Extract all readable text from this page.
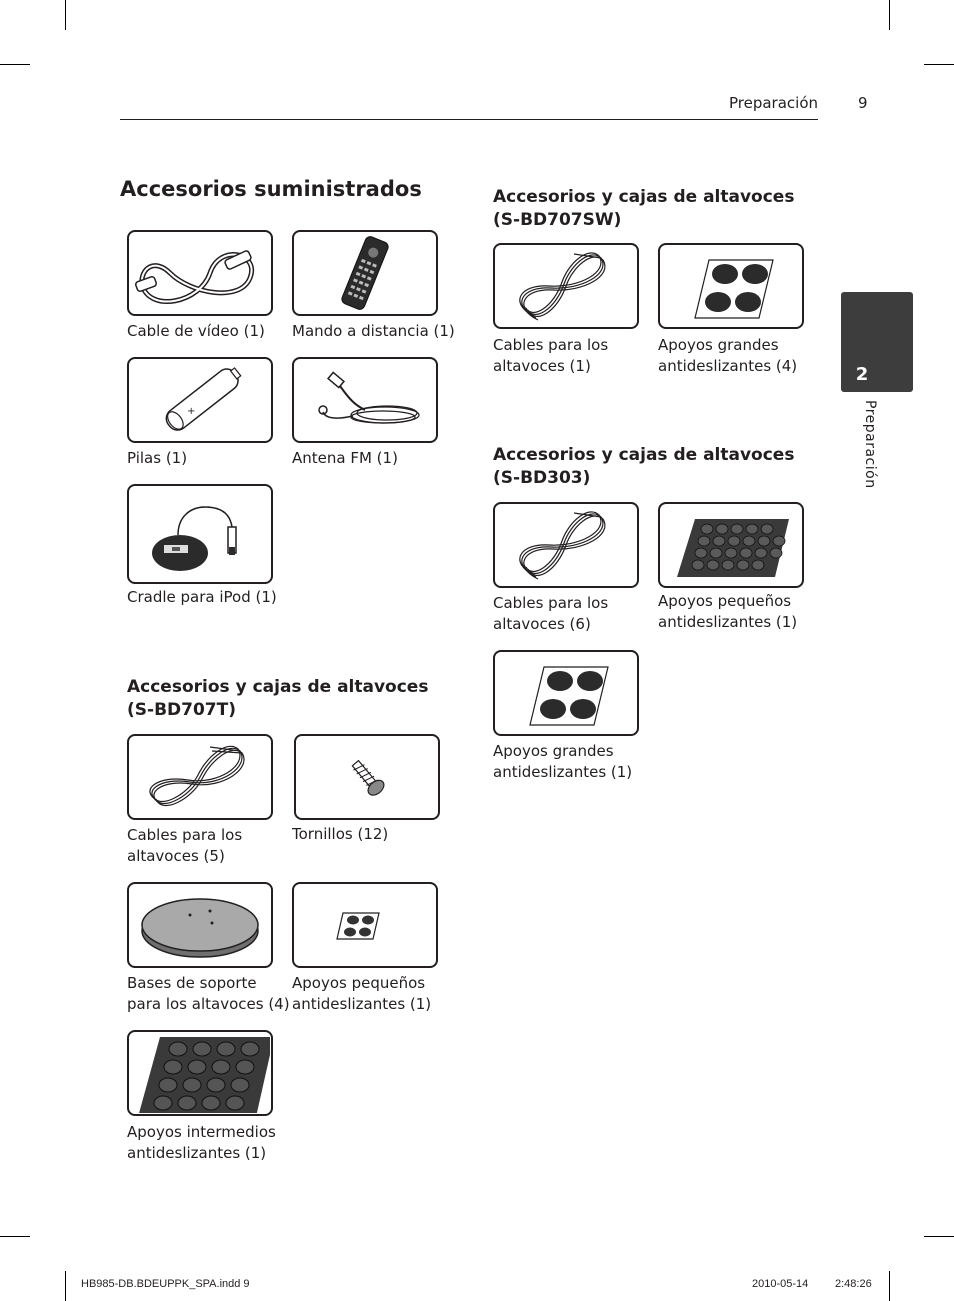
Preparación	9
2
Preparación
Accesorios suministrados
Cable de vídeo (1) Mando a distancia (1)
+
Pilas (1)	Antena FM (1)
Cradle para iPod (1)
Accesorios y cajas de altavoces
(S-BD707T)
Cables para los
altavoces (5)
Tornillos (12)
Bases de soporte
para los altavoces (4)
Apoyos pequeños
antideslizantes (1)
Apoyos intermedios
antideslizantes (1)
Accesorios y cajas de altavoces
(S-BD707SW)
Cables para los
altavoces (1)
Apoyos grandes
antideslizantes (4)
Accesorios y cajas de altavoces
(S-BD303)
Cables para los
altavoces (6)
Apoyos pequeños
antideslizantes (1)
Apoyos grandes
antideslizantes (1)
HB985-DB.BDEUPPK_SPA.indd 9	2010-05-14 2:48:26
